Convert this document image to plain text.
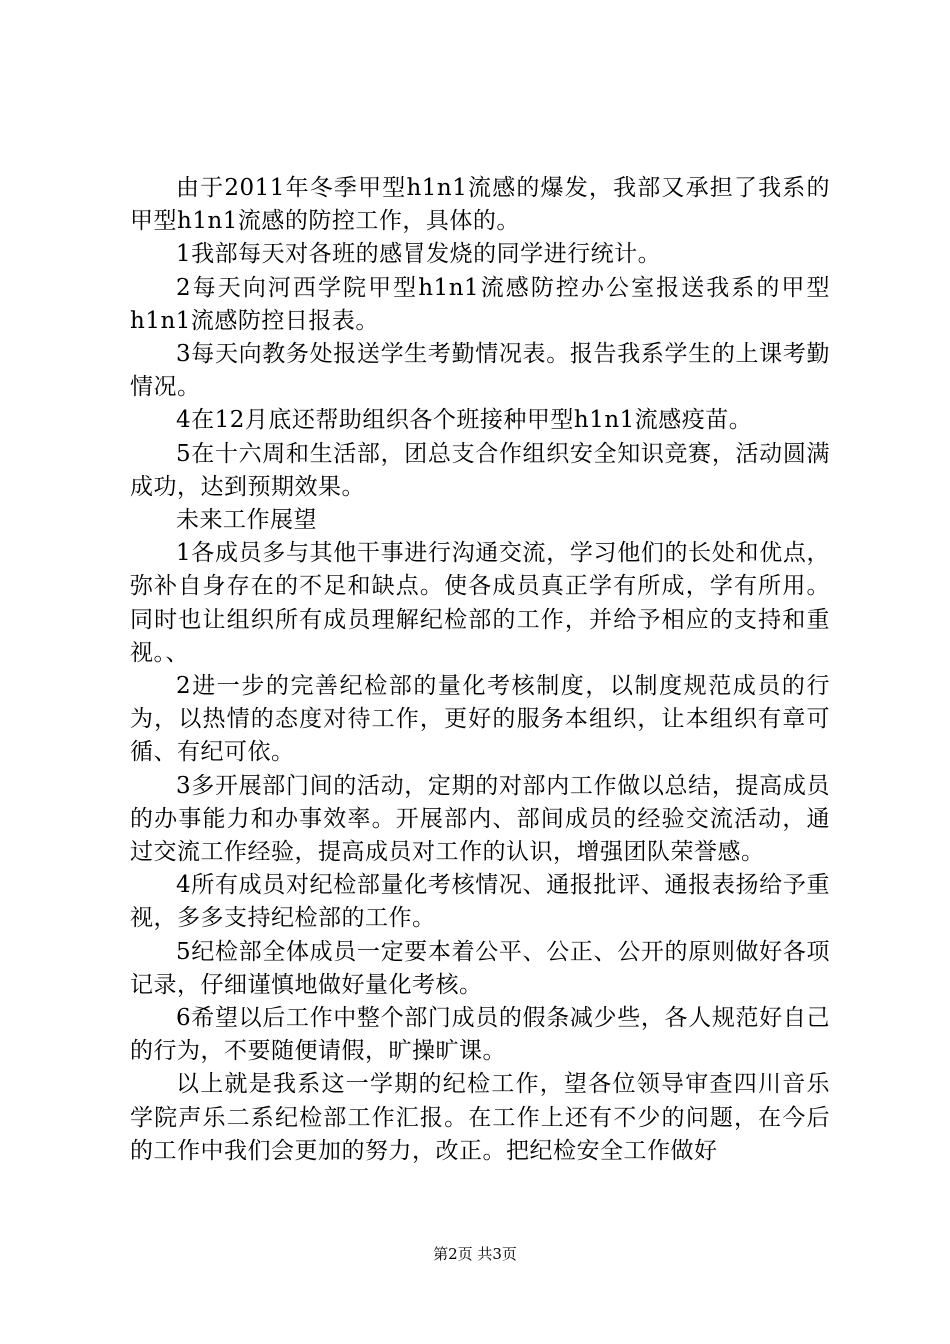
由于2011年冬季甲型h1n1流感的爆发，我部又承担了我系的甲型h1n1流感的防控工作，具体的。

1我部每天对各班的感冒发烧的同学进行统计。

2每天向河西学院甲型h1n1流感防控办公室报送我系的甲型h1n1流感防控日报表。

3每天向教务处报送学生考勤情况表。报告我系学生的上课考勤情况。

4在12月底还帮助组织各个班接种甲型h1n1流感疫苗。

5在十六周和生活部，团总支合作组织安全知识竞赛，活动圆满成功，达到预期效果。

未来工作展望

1各成员多与其他干事进行沟通交流，学习他们的长处和优点，弥补自身存在的不足和缺点。使各成员真正学有所成，学有所用。同时也让组织所有成员理解纪检部的工作，并给予相应的支持和重视。、

2进一步的完善纪检部的量化考核制度，以制度规范成员的行为，以热情的态度对待工作，更好的服务本组织，让本组织有章可循、有纪可依。

3多开展部门间的活动，定期的对部内工作做以总结，提高成员的办事能力和办事效率。开展部内、部间成员的经验交流活动，通过交流工作经验，提高成员对工作的认识，增强团队荣誉感。

4所有成员对纪检部量化考核情况、通报批评、通报表扬给予重视，多多支持纪检部的工作。

5纪检部全体成员一定要本着公平、公正、公开的原则做好各项记录，仔细谨慎地做好量化考核。

6希望以后工作中整个部门成员的假条减少些，各人规范好自己的行为，不要随便请假，旷操旷课。

以上就是我系这一学期的纪检工作，望各位领导审查四川音乐学院声乐二系纪检部工作汇报。在工作上还有不少的问题，在今后的工作中我们会更加的努力，改正。把纪检安全工作做好

第2页 共3页
